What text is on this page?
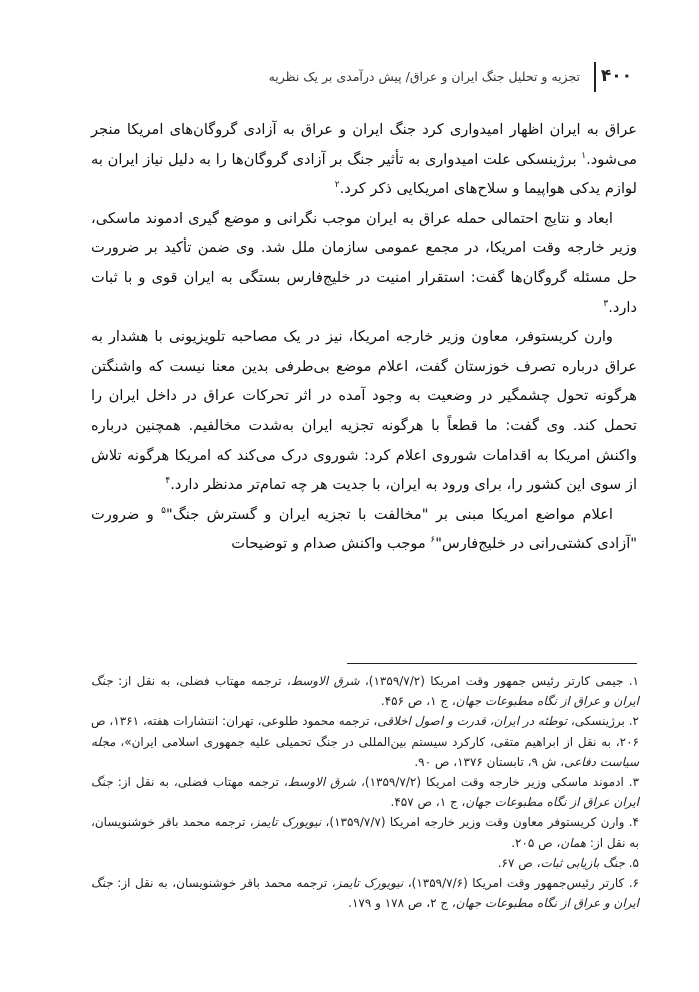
۴۰۰
تجزیه و تحلیل جنگ ایران و عراق/ پیش درآمدی بر یک نظریه

عراق به ایران اظهار امیدواری کرد جنگ ایران و عراق به آزادی گروگان‌های امریکا منجر می‌شود.$^۱$ برژینسکی علت امیدواری به تأثیر جنگ بر آزادی گروگان‌ها را به دلیل نیاز ایران به لوازم یدکی هواپیما و سلاح‌های امریکایی ذکر کرد.$^۲$

ابعاد و نتایج احتمالی حمله عراق به ایران موجب نگرانی و موضع گیری ادموند ماسکی، وزیر خارجه وقت امریکا، در مجمع عمومی سازمان ملل شد. وی ضمن تأکید بر ضرورت حل مسئله گروگان‌ها گفت: استقرار امنیت در خلیج‌فارس بستگی به ایران قوی و با ثبات دارد.$^۳$

وارن کریستوفر، معاون وزیر خارجه امریکا، نیز در یک مصاحبه تلویزیونی با هشدار به عراق درباره تصرف خوزستان گفت، اعلام موضع بی‌طرفی بدین معنا نیست که واشنگتن هرگونه تحول چشمگیر در وضعیت به وجود آمده در اثر تحرکات عراق در داخل ایران را تحمل کند. وی گفت: ما قطعاً با هرگونه تجزیه ایران به‌شدت مخالفیم. همچنین درباره واکنش امریکا به اقدامات شوروی اعلام کرد: شوروی درک می‌کند که امریکا هرگونه تلاش از سوی این کشور را، برای ورود به ایران، با جدیت هر چه تمام‌تر مدنظر دارد.$^۴$

اعلام مواضع امریکا مبنی بر "مخالفت با تجزیه ایران و گسترش جنگ"$^۵$ و ضرورت "آزادی کشتی‌رانی در خلیج‌فارس"$^۶$ موجب واکنش صدام و توضیحات

۱. جیمی کارتر رئیس جمهور وقت امریکا (۱۳۵۹/۷/۲)، شرق الاوسط، ترجمه مهتاب فضلی، به نقل از: جنگ ایران و عراق از نگاه مطبوعات جهان، ج ۱، ص ۴۵۶.

۲. برژینسکی، توطئه در ایران، قدرت و اصول اخلاقی، ترجمه محمود طلوعی، تهران: انتشارات هفته، ۱۳۶۱، ص ۲۰۶، به نقل از ابراهیم متقی، کارکرد سیستم بین‌المللی در جنگ تحمیلی علیه جمهوری اسلامی ایران»، مجله سیاست دفاعی، ش ۹، تابستان ۱۳۷۶، ص ۹۰.

۳. ادموند ماسکی وزیر خارجه وقت امریکا (۱۳۵۹/۷/۲)، شرق الاوسط، ترجمه مهتاب فضلی، به نقل از: جنگ ایران عراق از نگاه مطبوعات جهان، ج ۱، ص ۴۵۷.

۴. وارن کریستوفر معاون وقت وزیر خارجه امریکا (۱۳۵۹/۷/۷)، نیویورک تایمز، ترجمه محمد باقر خوشنویسان، به نقل از: همان، ص ۲۰۵.

۵. جنگ بازیابی ثبات، ص ۶۷.

۶. کارتر رئیس‌جمهور وقت امریکا (۱۳۵۹/۷/۶)، نیویورک تایمز، ترجمه محمد باقر خوشنویسان، به نقل از: جنگ ایران و عراق از نگاه مطبوعات جهان، ج ۲، ص ۱۷۸ و ۱۷۹.
